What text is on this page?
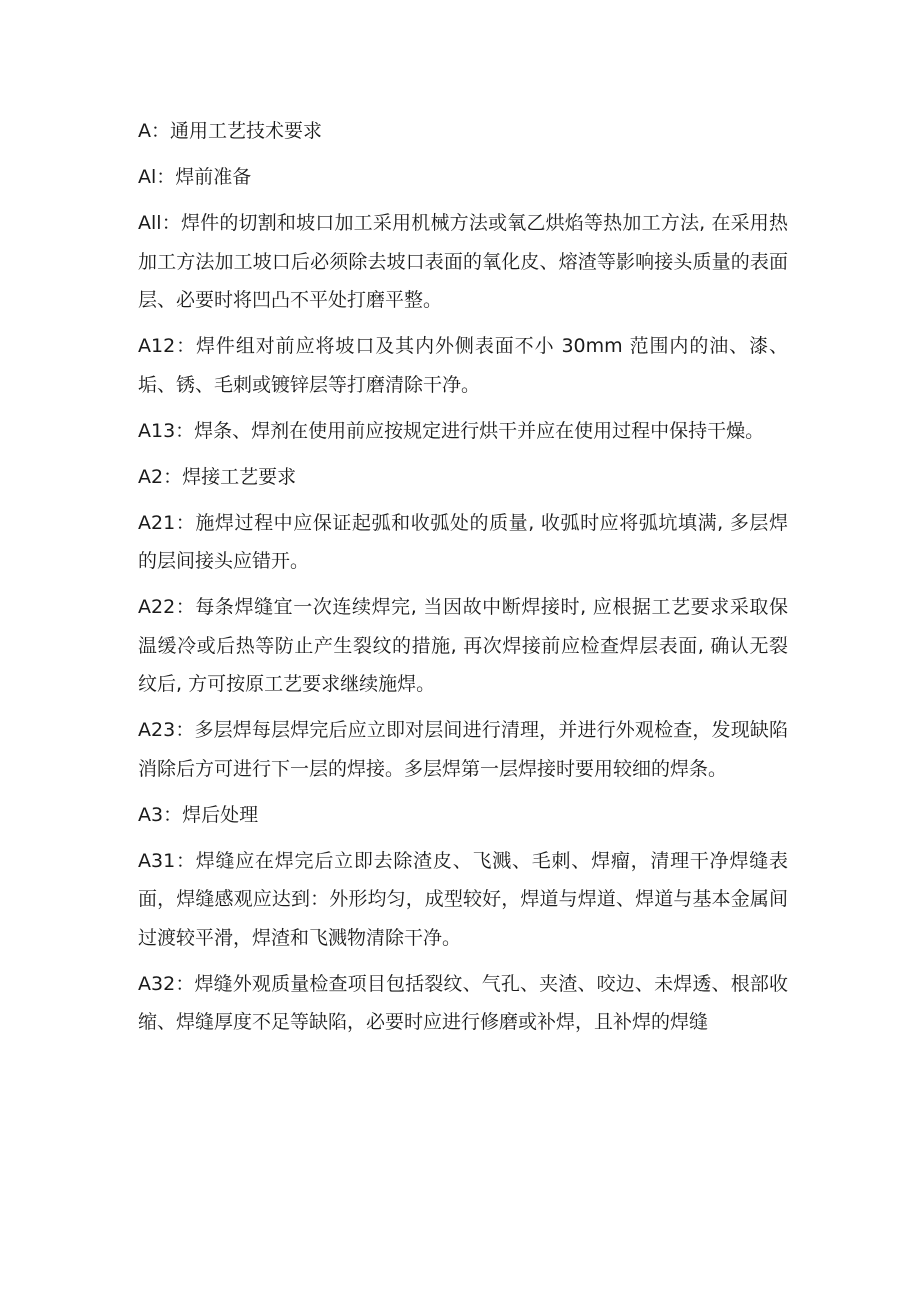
A：通用工艺技术要求

Al：焊前准备

All：焊件的切割和坡口加工采用机械方法或氧乙烘焰等热加工方法, 在采用热加工方法加工坡口后必须除去坡口表面的氧化皮、熔渣等影响接头质量的表面层、必要时将凹凸不平处打磨平整。

A12：焊件组对前应将坡口及其内外侧表面不小 30mm 范围内的油、漆、垢、锈、毛刺或镀锌层等打磨清除干净。

A13：焊条、焊剂在使用前应按规定进行烘干并应在使用过程中保持干燥。

A2：焊接工艺要求

A21：施焊过程中应保证起弧和收弧处的质量, 收弧时应将弧坑填满, 多层焊的层间接头应错开。

A22：每条焊缝宜一次连续焊完, 当因故中断焊接时, 应根据工艺要求采取保温缓冷或后热等防止产生裂纹的措施, 再次焊接前应检查焊层表面, 确认无裂纹后, 方可按原工艺要求继续施焊。

A23：多层焊每层焊完后应立即对层间进行清理，并进行外观检查，发现缺陷消除后方可进行下一层的焊接。多层焊第一层焊接时要用较细的焊条。

A3：焊后处理

A31：焊缝应在焊完后立即去除渣皮、飞溅、毛刺、焊瘤，清理干净焊缝表面，焊缝感观应达到：外形均匀，成型较好，焊道与焊道、焊道与基本金属间过渡较平滑，焊渣和飞溅物清除干净。

A32：焊缝外观质量检查项目包括裂纹、气孔、夹渣、咬边、未焊透、根部收缩、焊缝厚度不足等缺陷，必要时应进行修磨或补焊，且补焊的焊缝
